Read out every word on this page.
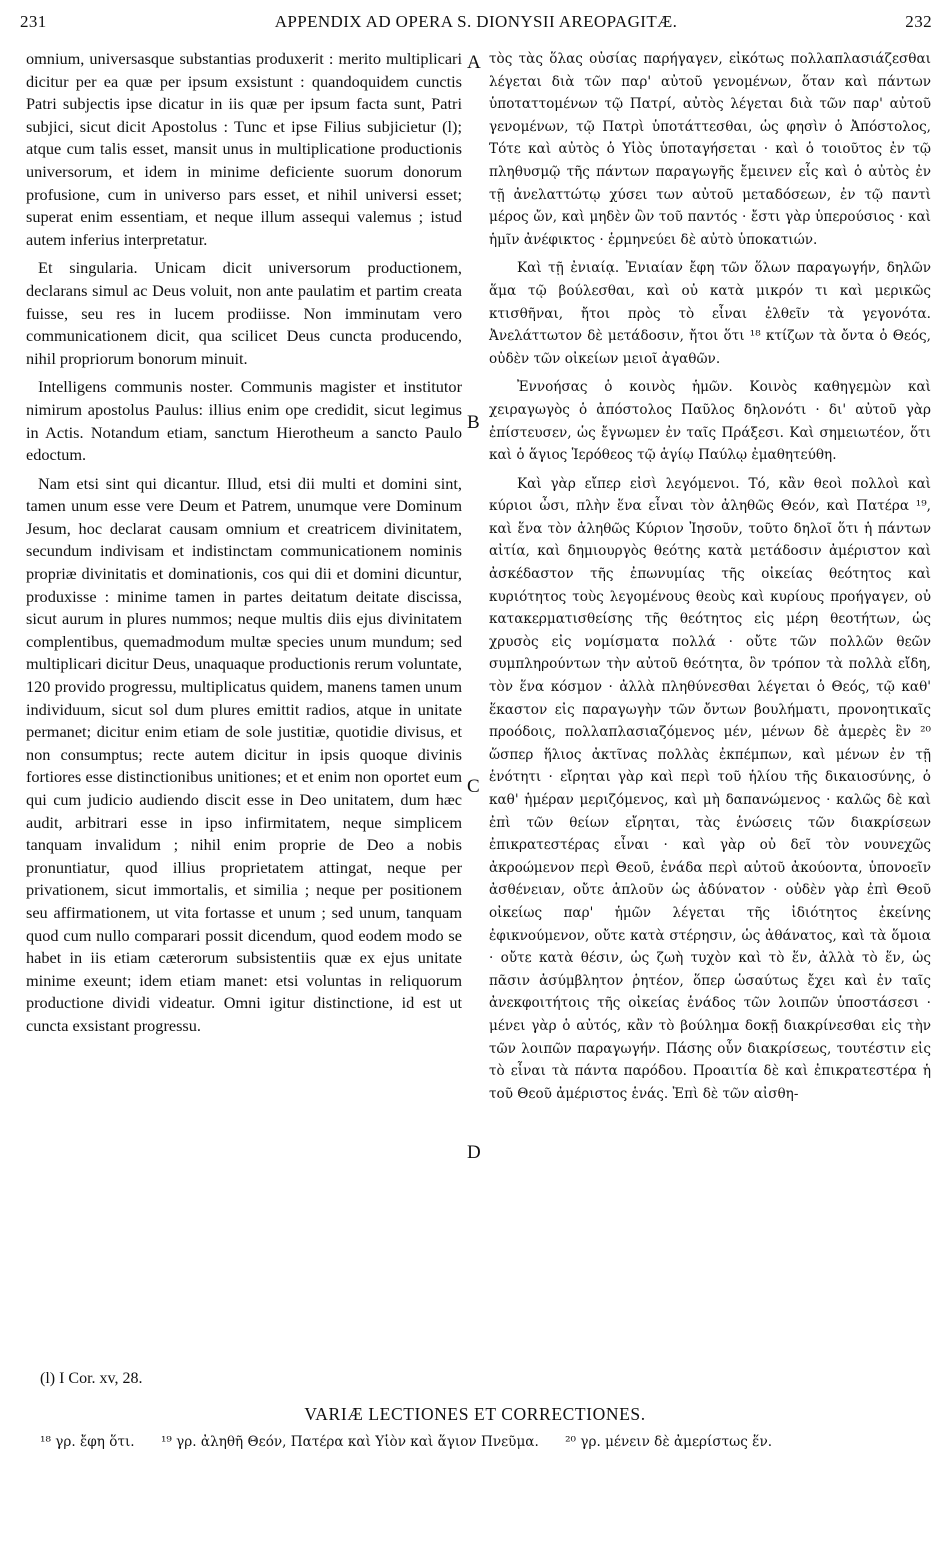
231	APPENDIX AD OPERA S. DIONYSII AREOPAGITÆ.	232

omnium, universasque substantias produxerit : merito multiplicari dicitur per ea quæ per ipsum exsistunt : quandoquidem cunctis Patri subjectis ipse dicatur in iis quæ per ipsum facta sunt, Patri subjici, sicut dicit Apostolus : Tunc et ipse Filius subjicietur (l); atque cum talis esset, mansit unus in multiplicatione productionis universorum, et idem in minime deficiente suorum donorum profusione, cum in universo pars esset, et nihil universi esset; superat enim essentiam, et neque illum assequi valemus ; istud autem inferius interpretatur.

Et singularia. Unicam dicit universorum productionem, declarans simul ac Deus voluit, non ante paulatim et partim creata fuisse, seu res in lucem prodiisse. Non imminutam vero communicationem dicit, qua scilicet Deus cuncta producendo, nihil propriorum bonorum minuit.

Intelligens communis noster. Communis magister et institutor nimirum apostolus Paulus: illius enim ope credidit, sicut legimus in Actis. Notandum etiam, sanctum Hierotheum a sancto Paulo edoctum.

Nam etsi sint qui dicantur. Illud, etsi dii multi et domini sint, tamen unum esse vere Deum et Patrem, unumque vere Dominum Jesum, hoc declarat causam omnium et creatricem divinitatem, secundum indivisam et indistinctam communicationem nominis propriæ divinitatis et dominationis, cos qui dii et domini dicuntur, produxisse : minime tamen in partes deitatum deitate discissa, sicut aurum in plures nummos; neque multis diis ejus divinitatem complentibus, quemadmodum multæ species unum mundum; sed multiplicari dicitur Deus, unaquaque productionis rerum voluntate, 120 provido progressu, multiplicatus quidem, manens tamen unum individuum, sicut sol dum plures emittit radios, atque in unitate permanet; dicitur enim etiam de sole justitiæ, quotidie divisus, et non consumptus; recte autem dicitur in ipsis quoque divinis fortiores esse distinctionibus unitiones; et et enim non oportet eum qui cum judicio audiendo discit esse in Deo unitatem, dum hæc audit, arbitrari esse in ipso infirmitatem, neque simplicem tanquam invalidum ; nihil enim proprie de Deo a nobis pronuntiatur, quod illius proprietatem attingat, neque per privationem, sicut immortalis, et similia ; neque per positionem seu affirmationem, ut vita fortasse et unum ; sed unum, tanquam quod cum nullo comparari possit dicendum, quod eodem modo se habet in iis etiam cæterorum subsistentiis quæ ex ejus unitate minime exeunt; idem etiam manet: etsi voluntas in reliquorum productione dividi videatur. Omni igitur distinctione, id est ut cuncta exsistant progressu.

A
B
C
D

τὸς τὰς ὅλας οὐσίας παρήγαγεν, εἰκότως πολλαπλασιάζεσθαι λέγεται διὰ τῶν παρ' αὐτοῦ γενομένων, ὅταν καὶ πάντων ὑποταττομένων τῷ Πατρί, αὐτὸς λέγεται διὰ τῶν παρ' αὐτοῦ γενομένων, τῷ Πατρὶ ὑποτάττεσθαι, ὡς φησὶν ὁ Ἀπόστολος, Τότε καὶ αὐτὸς ὁ Υἱὸς ὑποταγήσεται · καὶ ὁ τοιοῦτος ἐν τῷ πληθυσμῷ τῆς πάντων παραγωγῆς ἔμεινεν εἷς καὶ ὁ αὐτὸς ἐν τῇ ἀνελαττώτῳ χύσει των αὐτοῦ μεταδόσεων, ἐν τῷ παντὶ μέρος ὤν, καὶ μηδὲν ὢν τοῦ παντός · ἔστι γὰρ ὑπερούσιος · καὶ ἡμῖν ἀνέφικτος · ἑρμηνεύει δὲ αὐτὸ ὑποκατιών.

Καὶ τῇ ἐνιαίᾳ. Ἐνιαίαν ἔφη τῶν ὅλων παραγωγήν, δηλῶν ἅμα τῷ βούλεσθαι, καὶ οὐ κατὰ μικρόν τι καὶ μερικῶς κτισθῆναι, ἤτοι πρὸς τὸ εἶναι ἐλθεῖν τὰ γεγονότα. Ἀνελάττωτον δὲ μετάδοσιν, ἤτοι ὅτι ¹⁸ κτίζων τὰ ὄντα ὁ Θεός, οὐδὲν τῶν οἰκείων μειοῖ ἀγαθῶν.

Ἐννοήσας ὁ κοινὸς ἡμῶν. Κοινὸς καθηγεμὼν καὶ χειραγωγὸς ὁ ἀπόστολος Παῦλος δηλονότι · δι' αὐτοῦ γὰρ ἐπίστευσεν, ὡς ἔγνωμεν ἐν ταῖς Πράξεσι. Καὶ σημειωτέον, ὅτι καὶ ὁ ἅγιος Ἱερόθεος τῷ ἁγίῳ Παύλῳ ἐμαθητεύθη.

Καὶ γὰρ εἴπερ εἰσὶ λεγόμενοι. Τό, κἂν θεοὶ πολλοὶ καὶ κύριοι ὦσι, πλὴν ἕνα εἶναι τὸν ἀληθῶς Θεόν, καὶ Πατέρα ¹⁹, καὶ ἕνα τὸν ἀληθῶς Κύριον Ἰησοῦν, τοῦτο δηλοῖ ὅτι ἡ πάντων αἰτία, καὶ δημιουργὸς θεότης κατὰ μετάδοσιν ἀμέριστον καὶ ἀσκέδαστον τῆς ἐπωνυμίας τῆς οἰκείας θεότητος καὶ κυριότητος τοὺς λεγομένους θεοὺς καὶ κυρίους προήγαγεν, οὐ κατακερματισθείσης τῆς θεότητος εἰς μέρη θεοτήτων, ὡς χρυσὸς εἰς νομίσματα πολλά · οὔτε τῶν πολλῶν θεῶν συμπληρούντων τὴν αὐτοῦ θεότητα, ὃν τρόπον τὰ πολλὰ εἴδη, τὸν ἕνα κόσμον · ἀλλὰ πληθύνεσθαι λέγεται ὁ Θεός, τῷ καθ' ἕκαστον εἰς παραγωγὴν τῶν ὄντων βουλήματι, προνοητικαῖς προόδοις, πολλαπλασιαζόμενος μέν, μένων δὲ ἀμερὲς ἓν ²⁰ ὥσπερ ἥλιος ἀκτῖνας πολλὰς ἐκπέμπων, καὶ μένων ἐν τῇ ἑνότητι · εἴρηται γὰρ καὶ περὶ τοῦ ἡλίου τῆς δικαιοσύνης, ὁ καθ' ἡμέραν μεριζόμενος, καὶ μὴ δαπανώμενος · καλῶς δὲ καὶ ἐπὶ τῶν θείων εἴρηται, τὰς ἑνώσεις τῶν διακρίσεων ἐπικρατεστέρας εἶναι · καὶ γὰρ οὐ δεῖ τὸν νουνεχῶς ἀκροώμενον περὶ Θεοῦ, ἑνάδα περὶ αὐτοῦ ἀκούοντα, ὑπονοεῖν ἀσθένειαν, οὔτε ἁπλοῦν ὡς ἀδύνατον · οὐδὲν γὰρ ἐπὶ Θεοῦ οἰκείως παρ' ἡμῶν λέγεται τῆς ἰδιότητος ἐκείνης ἐφικνούμενον, οὔτε κατὰ στέρησιν, ὡς ἀθάνατος, καὶ τὰ ὅμοια · οὔτε κατὰ θέσιν, ὡς ζωὴ τυχὸν καὶ τὸ ἕν, ἀλλὰ τὸ ἕν, ὡς πᾶσιν ἀσύμβλητον ῥητέον, ὅπερ ὡσαύτως ἔχει καὶ ἐν ταῖς ἀνεκφοιτήτοις τῆς οἰκείας ἑνάδος τῶν λοιπῶν ὑποστάσεσι · μένει γὰρ ὁ αὐτός, κἂν τὸ βούλημα δοκῇ διακρίνεσθαι εἰς τὴν τῶν λοιπῶν παραγωγήν. Πάσης οὖν διακρίσεως, τουτέστιν εἰς τὸ εἶναι τὰ πάντα παρόδου. Προαιτία δὲ καὶ ἐπικρατεστέρα ἡ τοῦ Θεοῦ ἀμέριστος ἑνάς. Ἐπὶ δὲ τῶν αἰσθη-

(l) I Cor. xv, 28.
VARIÆ LECTIONES ET CORRECTIONES.
¹⁸ γρ. ἔφη ὅτι. ¹⁹ γρ. ἀληθῆ Θεόν, Πατέρα καὶ Υἱὸν καὶ ἅγιον Πνεῦμα. ²⁰ γρ. μένειν δὲ ἀμερίστως ἕν.
